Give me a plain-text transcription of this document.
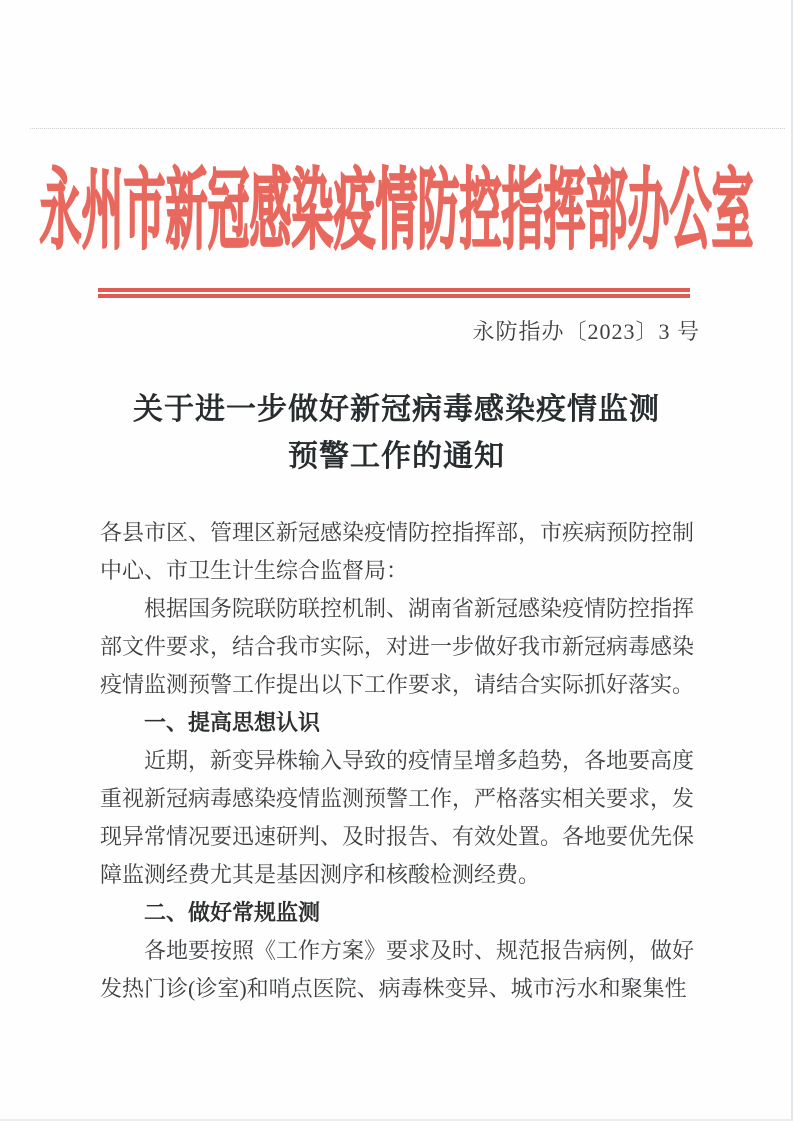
永州市新冠感染疫情防控指挥部办公室
永防指办〔2023〕3 号
关于进一步做好新冠病毒感染疫情监测
预警工作的通知

各县市区、管理区新冠感染疫情防控指挥部，市疾病预防控制中心、市卫生计生综合监督局：

根据国务院联防联控机制、湖南省新冠感染疫情防控指挥部文件要求，结合我市实际，对进一步做好我市新冠病毒感染疫情监测预警工作提出以下工作要求，请结合实际抓好落实。

一、提高思想认识

近期，新变异株输入导致的疫情呈增多趋势，各地要高度重视新冠病毒感染疫情监测预警工作，严格落实相关要求，发现异常情况要迅速研判、及时报告、有效处置。各地要优先保障监测经费尤其是基因测序和核酸检测经费。

二、做好常规监测

各地要按照《工作方案》要求及时、规范报告病例，做好发热门诊(诊室)和哨点医院、病毒株变异、城市污水和聚集性
